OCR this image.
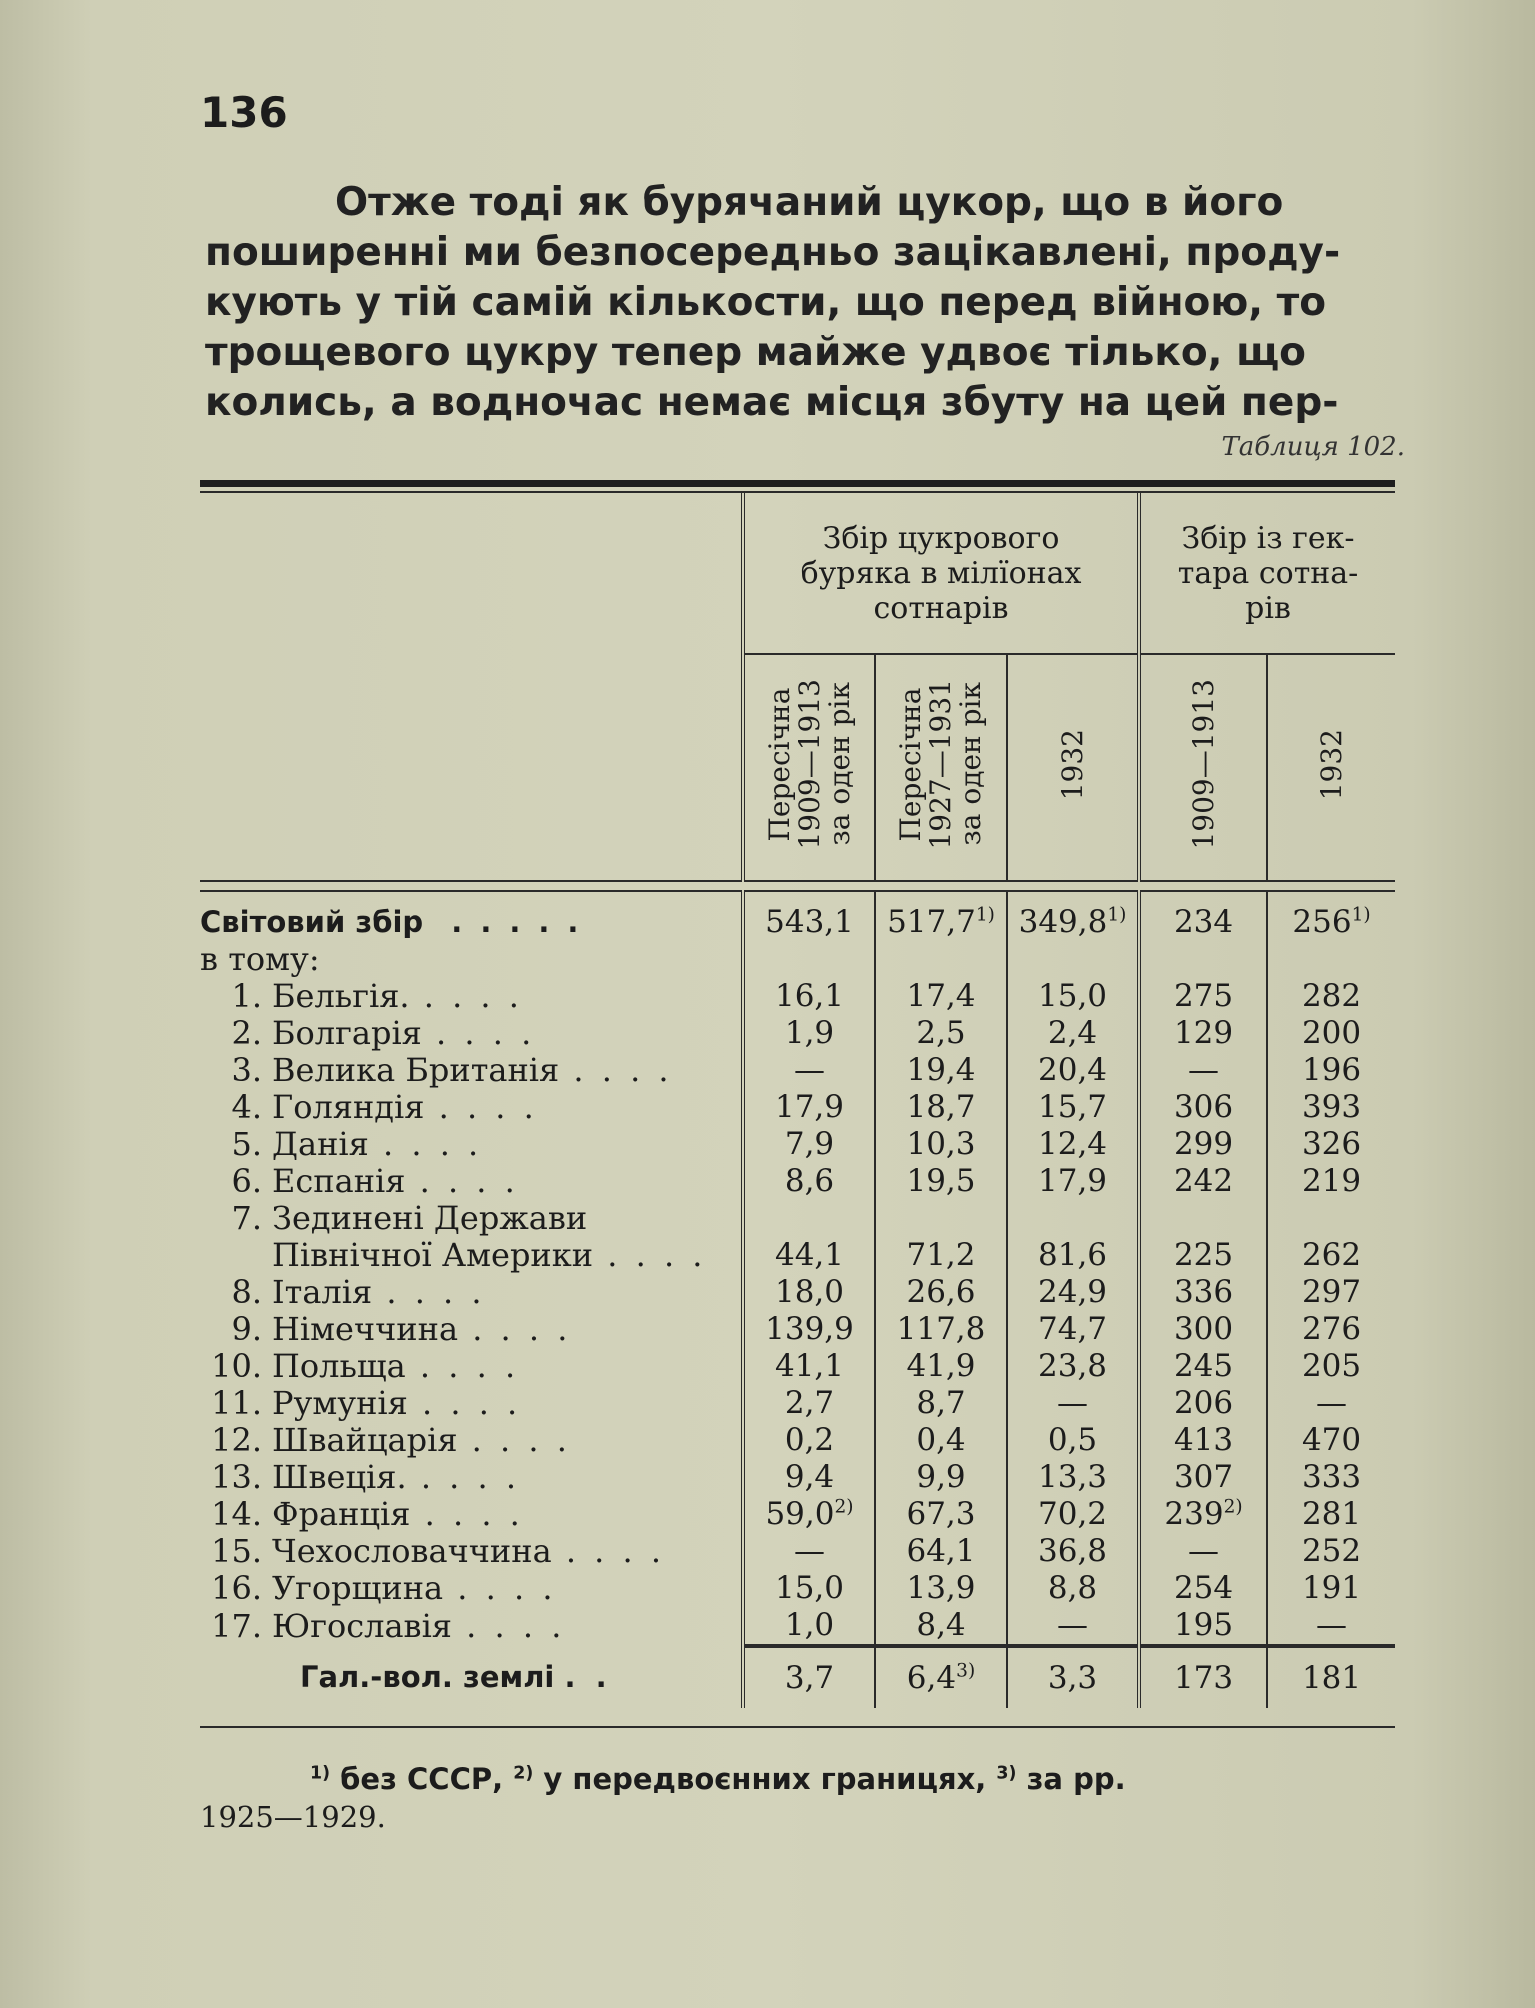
136
Отже тоді як бурячаний цукор, що в його
поширенні ми безпосередньо зацікавлені, проду-
кують у тій самій кількости, що перед війною, то
трощевого цукру тепер майже удвоє тілько, що
колись, а водночас немає місця збуту на цей пер-
Таблиця 102.
	Збір цукрового
буряка в мілїонах
сотнарів			Збір із гек-
тара сотна-
рів	
	Пересічна
1909—1913
за оден рік	Пересічна
1927—1931
за оден рік	1932	1909—1913	1932

Світовий збір .....	543,1	517,7$^{1)}$	349,8$^{1)}$	234	256$^{1)}$
в тому:					
1. Бельгія. . . . .	16,1	17,4	15,0	275	282
2. Болгарія . . . .	1,9	2,5	2,4	129	200
3. Велика Британія . . . .	—	19,4	20,4	—	196
4. Голяндія . . . .	17,9	18,7	15,7	306	393
5. Данія . . . .	7,9	10,3	12,4	299	326
6. Еспанія . . . .	8,6	19,5	17,9	242	219
7. Зединені Держави					
Північної Америки . . . .	44,1	71,2	81,6	225	262
8. Італія . . . .	18,0	26,6	24,9	336	297
9. Німеччина . . . .	139,9	117,8	74,7	300	276
10. Польща . . . .	41,1	41,9	23,8	245	205
11. Румунія . . . .	2,7	8,7	—	206	—
12. Швайцарія . . . .	0,2	0,4	0,5	413	470
13. Швеція. . . . .	9,4	9,9	13,3	307	333
14. Франція . . . .	59,0$^{2)}$	67,3	70,2	239$^{2)}$	281
15. Чехословаччина . . . .	—	64,1	36,8	—	252
16. Угорщина . . . .	15,0	13,9	8,8	254	191
17. Югославія . . . .	1,0	8,4	—	195	—
Гал.-вол. землі .  .	3,7	6,4$^{3)}$	3,3	173	181
$^{1)}$ без СССР, $^{2)}$ у передвоєнних границях, $^{3)}$ за рр.
1925—1929.
